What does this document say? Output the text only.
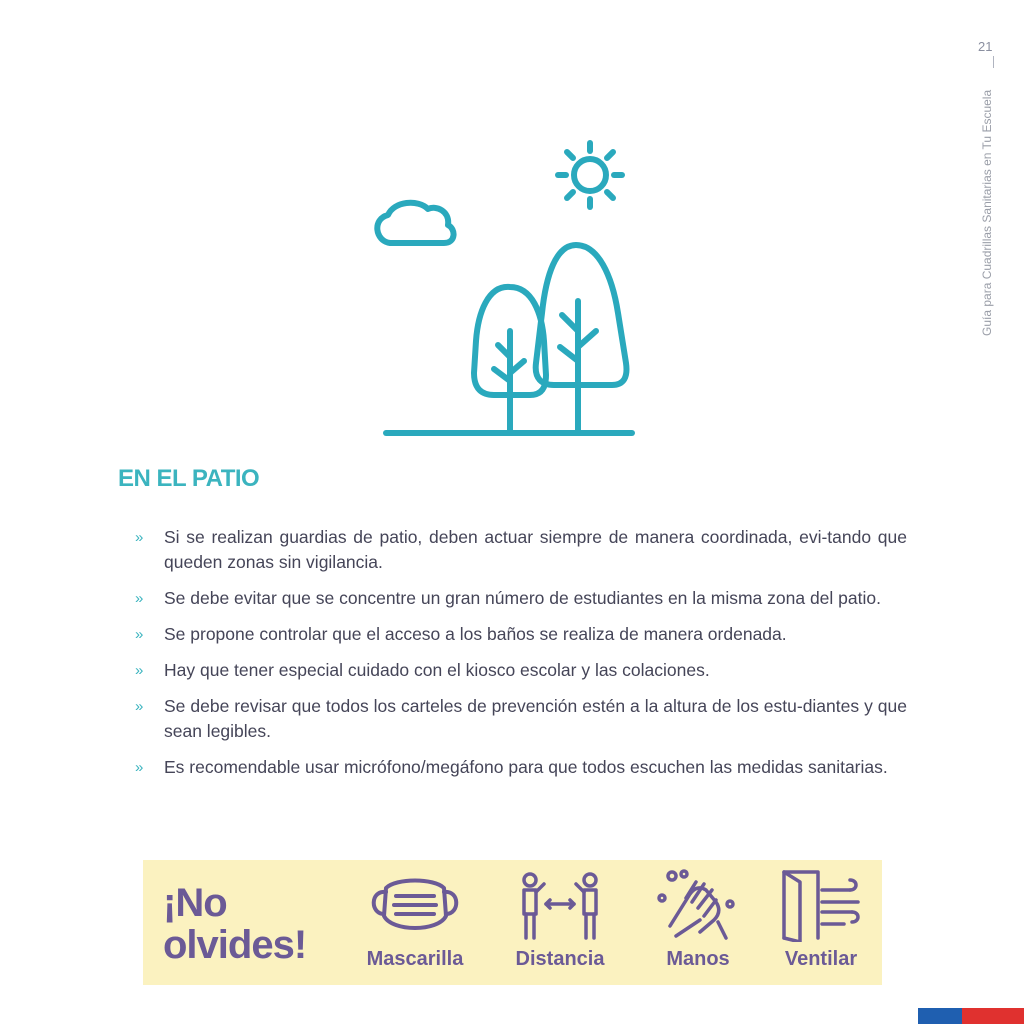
21
Guía para Cuadrillas Sanitarias en Tu Escuela
EN EL PATIO
» Si se realizan guardias de patio, deben actuar siempre de manera coordinada, evi-tando que queden zonas sin vigilancia.
» Se debe evitar que se concentre un gran número de estudiantes en la misma zona del patio.
» Se propone controlar que el acceso a los baños se realiza de manera ordenada.
» Hay que tener especial cuidado con el kiosco escolar y las colaciones.
» Se debe revisar que todos los carteles de prevención estén a la altura de los estu-diantes y que sean legibles.
» Es recomendable usar micrófono/megáfono para que todos escuchen las medidas sanitarias.
¡No
olvides!	Mascarilla	Distancia	Manos	Ventilar
